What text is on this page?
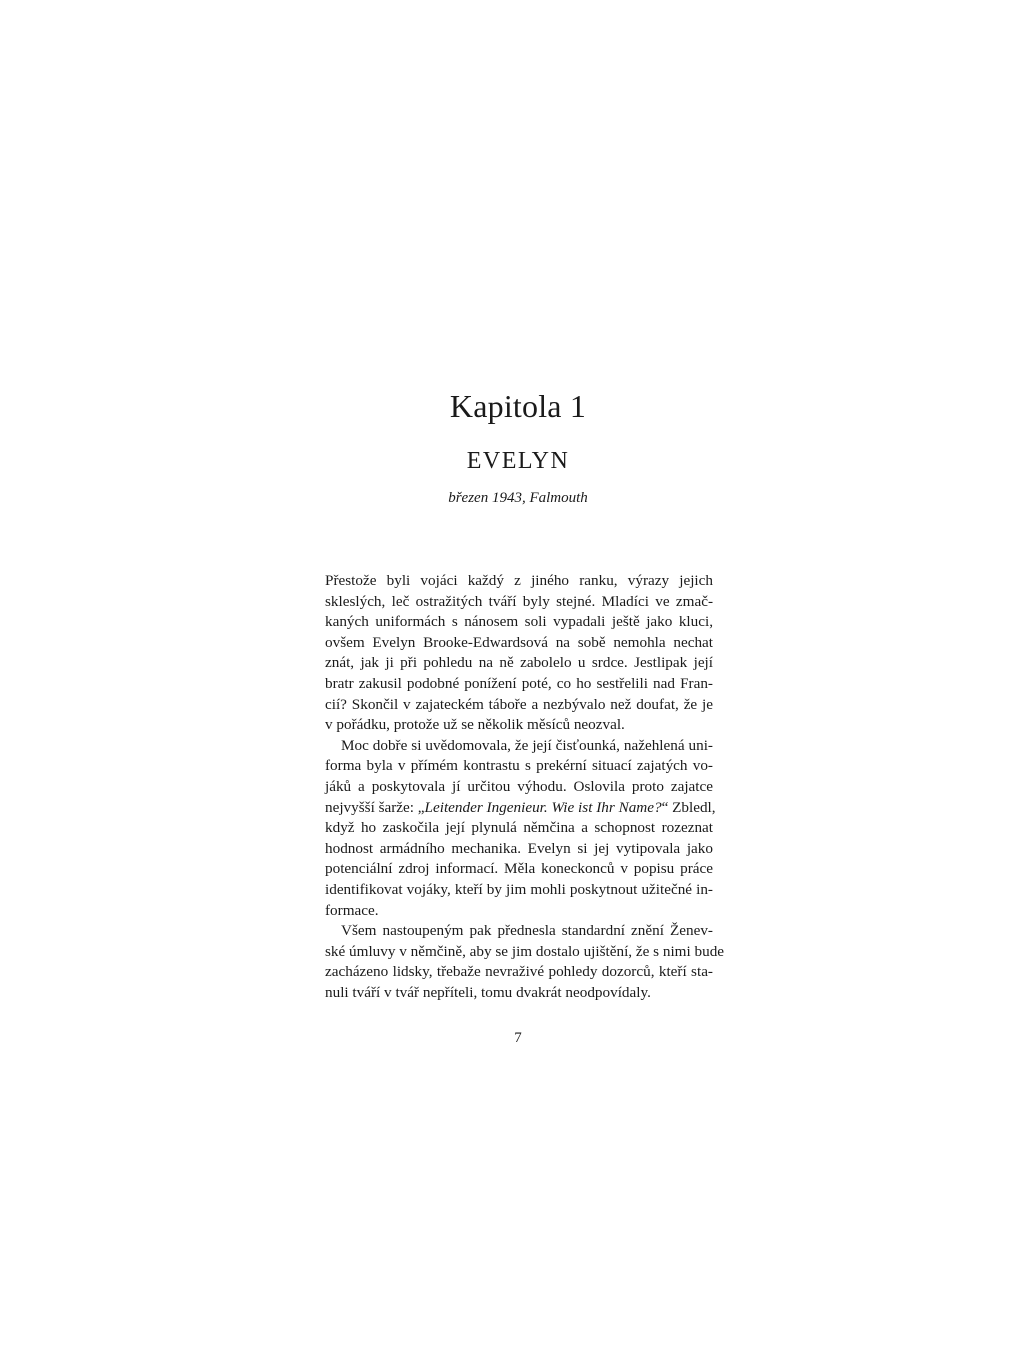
Kapitola 1
EVELYN

březen 1943, Falmouth

Přestože byli vojáci každý z jiného ranku, výrazy jejich
skleslých, leč ostražitých tváří byly stejné. Mladíci ve zmač-
kaných uniformách s nánosem soli vypadali ještě jako kluci,
ovšem Evelyn Brooke-Edwardsová na sobě nemohla nechat
znát, jak ji při pohledu na ně zabolelo u srdce. Jestlipak její
bratr zakusil podobné ponížení poté, co ho sestřelili nad Fran-
cií? Skončil v zajateckém táboře a nezbývalo než doufat, že je
v pořádku, protože už se několik měsíců neozval.

Moc dobře si uvědomovala, že její čisťounká, nažehlená uni-
forma byla v přímém kontrastu s prekérní situací zajatých vo-
jáků a poskytovala jí určitou výhodu. Oslovila proto zajatce
nejvyšší šarže: „Leitender Ingenieur. Wie ist Ihr Name?“ Zbledl,
když ho zaskočila její plynulá němčina a schopnost rozeznat
hodnost armádního mechanika. Evelyn si jej vytipovala jako
potenciální zdroj informací. Měla koneckonců v popisu práce
identifikovat vojáky, kteří by jim mohli poskytnout užitečné in-
formace.

Všem nastoupeným pak přednesla standardní znění Ženev-
ské úmluvy v němčině, aby se jim dostalo ujištění, že s nimi bude
zacházeno lidsky, třebaže nevraživé pohledy dozorců, kteří sta-
nuli tváří v tvář nepříteli, tomu dvakrát neodpovídaly.

7
